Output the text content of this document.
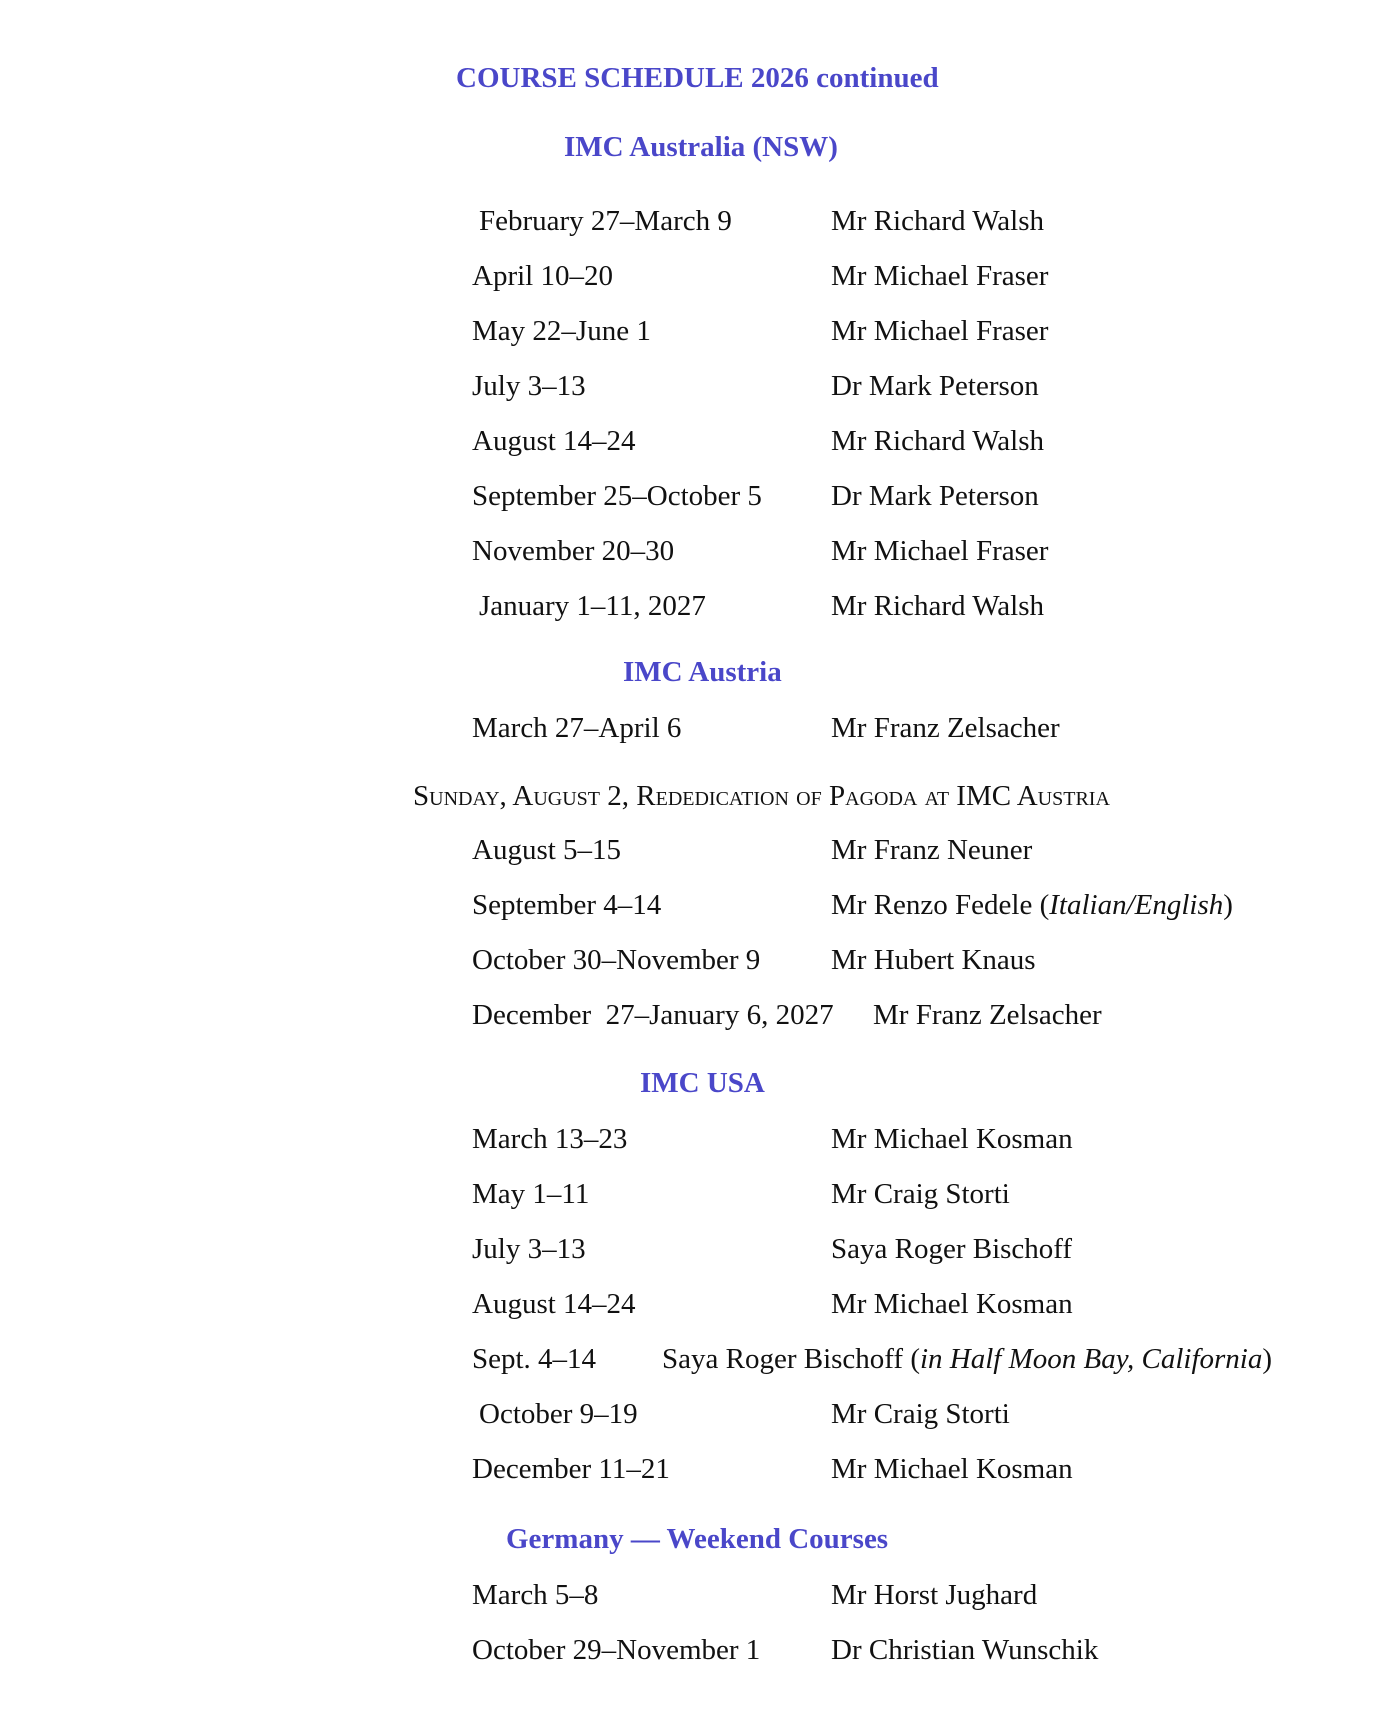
COURSE SCHEDULE 2026 continued
IMC Australia (NSW)
February 27–March 9	Mr Richard Walsh
April 10–20	Mr Michael Fraser
May 22–June 1	Mr Michael Fraser
July 3–13	Dr Mark Peterson
August 14–24	Mr Richard Walsh
September 25–October 5 Dr Mark Peterson
November 20–30	Mr Michael Fraser
January 1–11, 2027	Mr Richard Walsh
IMC Austria
March 27–April 6	Mr Franz Zelsacher
Sunday, August 2, Rededication of Pagoda at IMC Austria
August 5–15	Mr Franz Neuner
September 4–14	Mr Renzo Fedele (Italian/English)
October 30–November 9 Mr Hubert Knaus
December  27–January 6, 2027 Mr Franz Zelsacher
IMC USA
March 13–23	Mr Michael Kosman
May 1–11	Mr Craig Storti
July 3–13	Saya Roger Bischoff
August 14–24	Mr Michael Kosman
Sept. 4–14 Saya Roger Bischoff (in Half Moon Bay, California)
October 9–19	Mr Craig Storti
December 11–21	Mr Michael Kosman
Germany — Weekend Courses
March 5–8	Mr Horst Jughard
October 29–November 1 Dr Christian Wunschik
